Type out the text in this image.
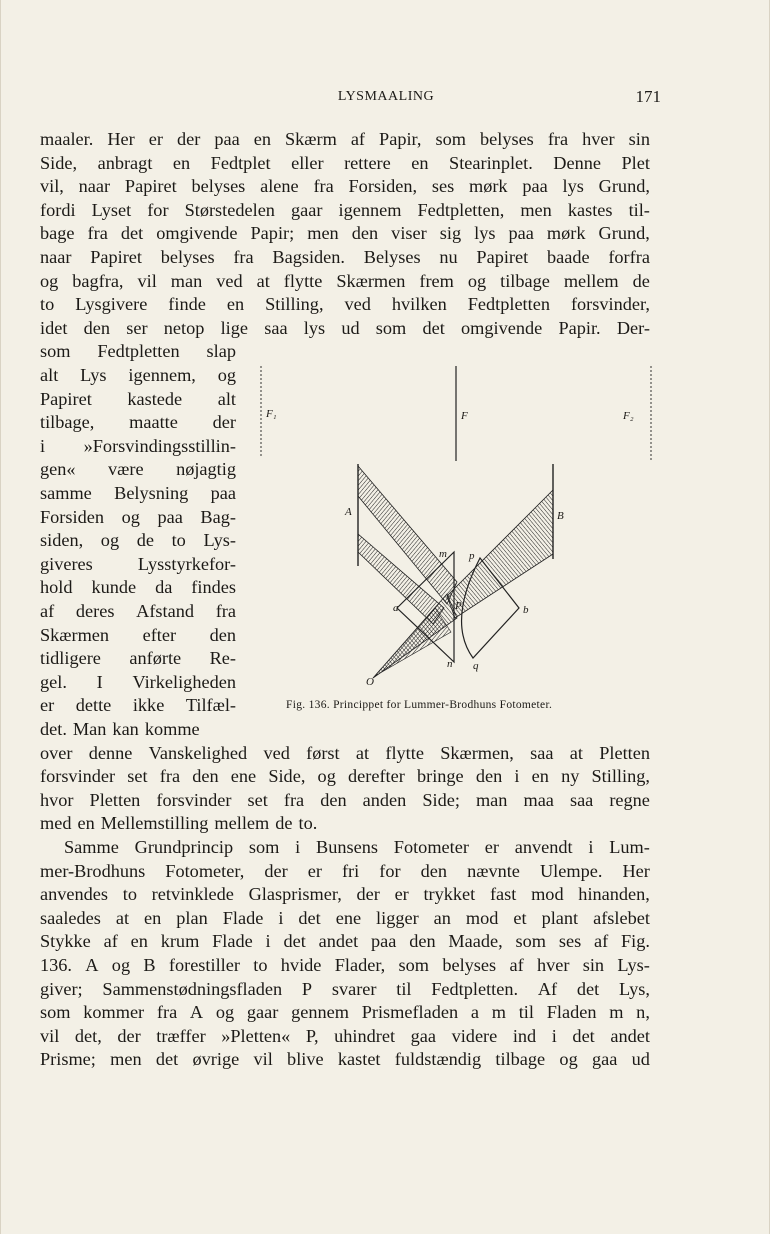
LYSMAALING	171
maaler. Her er der paa en Skærm af Papir, som belyses fra hver sin
Side, anbragt en Fedtplet eller rettere en Stearinplet. Denne Plet
vil, naar Papiret belyses alene fra Forsiden, ses mørk paa lys Grund,
fordi Lyset for Størstedelen gaar igennem Fedtpletten, men kastes til-
bage fra det omgivende Papir; men den viser sig lys paa mørk Grund,
naar Papiret belyses fra Bagsiden. Belyses nu Papiret baade forfra
og bagfra, vil man ved at flytte Skærmen frem og tilbage mellem de
to Lysgivere finde en Stilling, ved hvilken Fedtpletten forsvinder,
idet den ser netop lige saa lys ud som det omgivende Papir. Der-
som Fedtpletten slap
alt Lys igennem, og
Papiret kastede alt
tilbage, maatte der
i »Forsvindingsstillin-
gen« være nøjagtig
samme Belysning paa
Forsiden og paa Bag-
siden, og de to Lys-
giveres Lysstyrkefor-
hold kunde da findes
af deres Afstand fra
Skærmen efter den
tidligere anførte Re-
gel. I Virkeligheden
er dette ikke Tilfæl-
det. Man kan komme
over denne Vanskelighed ved først at flytte Skærmen, saa at Pletten
forsvinder set fra den ene Side, og derefter bringe den i en ny Stilling,
hvor Pletten forsvinder set fra den anden Side; man maa saa regne
med en Mellemstilling mellem de to.
Samme Grundprincip som i Bunsens Fotometer er anvendt i Lum-
mer-Brodhuns Fotometer, der er fri for den nævnte Ulempe. Her
anvendes to retvinklede Glasprismer, der er trykket fast mod hinanden,
saaledes at en plan Flade i det ene ligger an mod et plant afslebet
Stykke af en krum Flade i det andet paa den Maade, som ses af Fig.
136. A og B forestiller to hvide Flader, som belyses af hver sin Lys-
giver; Sammenstødningsfladen P svarer til Fedtpletten. Af det Lys,
som kommer fra A og gaar gennem Prismefladen a m til Fladen m n,
vil det, der træffer »Pletten« P, uhindret gaa videre ind i det andet
Prisme; men det øvrige vil blive kastet fuldstændig tilbage og gaa ud
F₁	F	F₂
A	B
m p
P
a	b
n q
O
Fig. 136. Princippet for Lummer-Brodhuns Fotometer.
